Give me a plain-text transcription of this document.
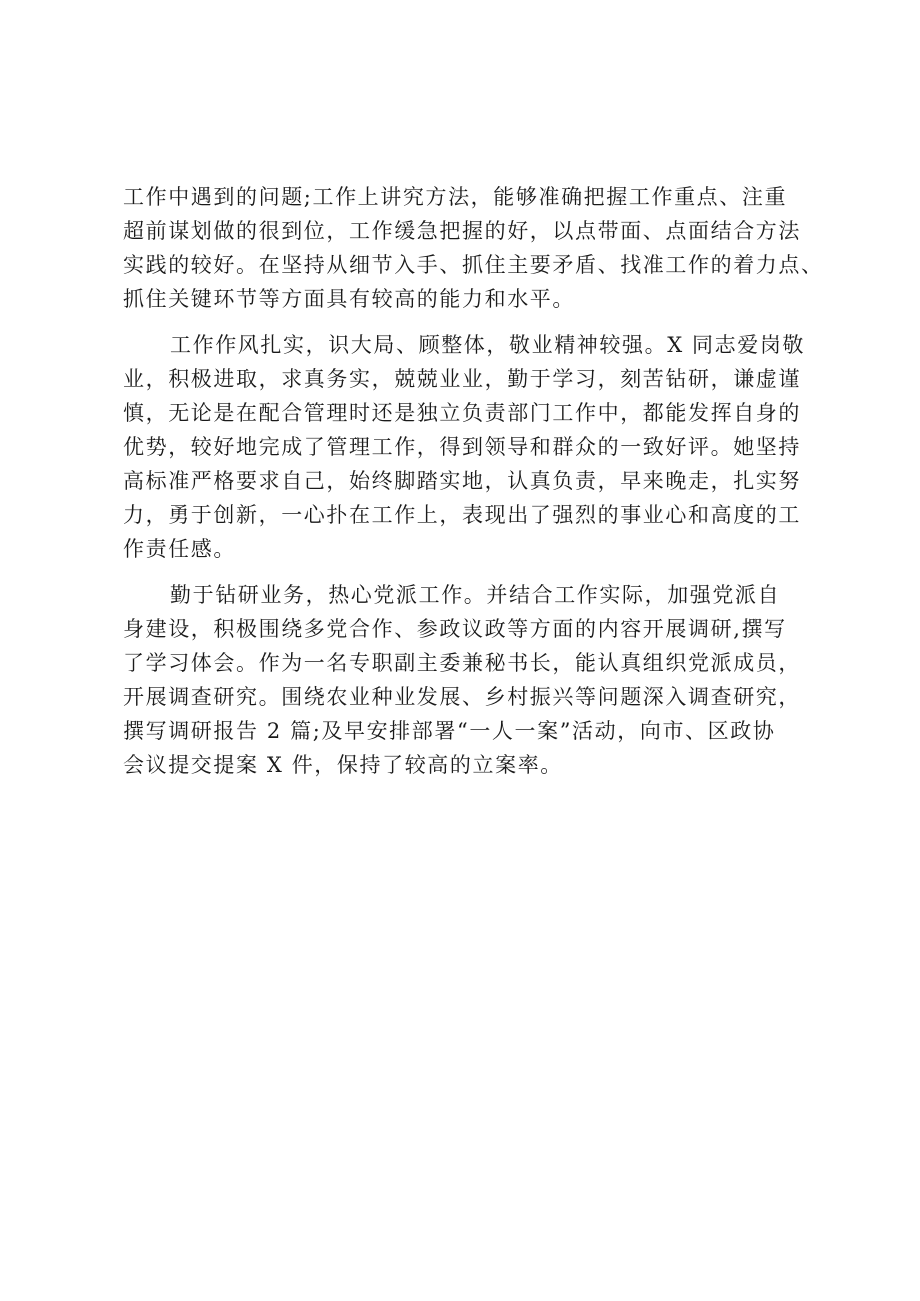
工作中遇到的问题;工作上讲究方法，能够准确把握工作重点、注重
超前谋划做的很到位，工作缓急把握的好，以点带面、点面结合方法
实践的较好。在坚持从细节入手、抓住主要矛盾、找准工作的着力点、
抓住关键环节等方面具有较高的能力和水平。

工作作风扎实，识大局、顾整体，敬业精神较强。X 同志爱岗敬
业，积极进取，求真务实，兢兢业业，勤于学习，刻苦钻研，谦虚谨
慎，无论是在配合管理时还是独立负责部门工作中，都能发挥自身的
优势，较好地完成了管理工作，得到领导和群众的一致好评。她坚持
高标准严格要求自己，始终脚踏实地，认真负责，早来晚走，扎实努
力，勇于创新，一心扑在工作上，表现出了强烈的事业心和高度的工
作责任感。

勤于钻研业务，热心党派工作。并结合工作实际，加强党派自
身建设，积极围绕多党合作、参政议政等方面的内容开展调研,撰写
了学习体会。作为一名专职副主委兼秘书长，能认真组织党派成员，
开展调查研究。围绕农业种业发展、乡村振兴等问题深入调查研究，
撰写调研报告 2 篇;及早安排部署“一人一案”活动，向市、区政协
会议提交提案 X 件，保持了较高的立案率。
